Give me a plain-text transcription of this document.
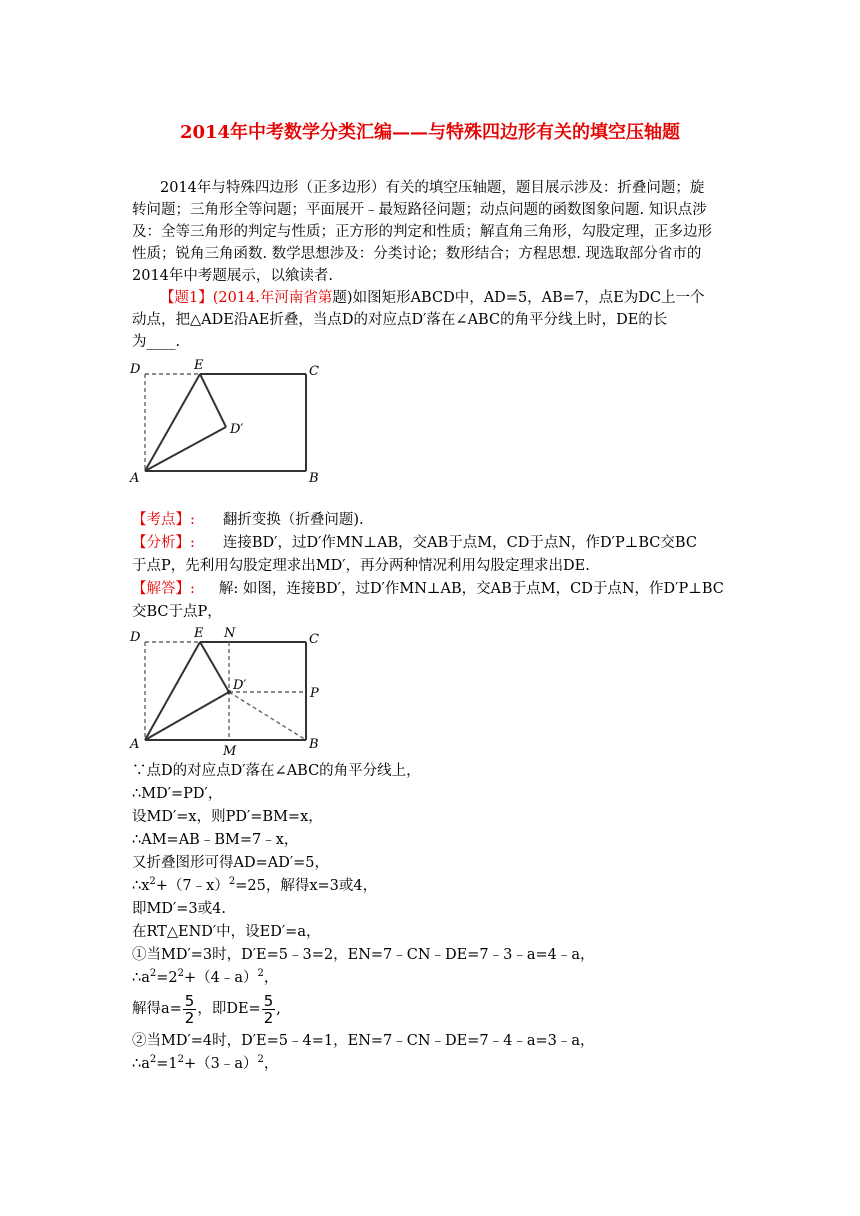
2014年中考数学分类汇编——与特殊四边形有关的填空压轴题
2014年与特殊四边形（正多边形）有关的填空压轴题，题目展示涉及：折叠问题；旋
转问题；三角形全等问题；平面展开﹣最短路径问题；动点问题的函数图象问题. 知识点涉
及：全等三角形的判定与性质；正方形的判定和性质；解直角三角形，勾股定理，正多边形
性质；锐角三角函数. 数学思想涉及：分类讨论；数形结合；方程思想. 现选取部分省市的
2014年中考题展示，以飨读者.
【题1】(2014.年河南省第题)如图矩形ABCD中，AD=5，AB=7，点E为DC上一个
动点，把△ADE沿AE折叠，当点D的对应点D′落在∠ABC的角平分线上时，DE的长
为____.
D	E	C
A	B
D′
【考点】: 翻折变换（折叠问题).
【分析】: 连接BD′，过D′作MN⊥AB，交AB于点M，CD于点N，作D′P⊥BC交BC
于点P，先利用勾股定理求出MD′，再分两种情况利用勾股定理求出DE.
【解答】: 解: 如图，连接BD′，过D′作MN⊥AB，交AB于点M，CD于点N，作D′P⊥BC
交BC于点P，
D	E N	C
D′
P
A	B
M
∵点D的对应点D′落在∠ABC的角平分线上，
∴MD′=PD′，
设MD′=x，则PD′=BM=x，
∴AM=AB﹣BM=7﹣x，
又折叠图形可得AD=AD′=5，
$\therefore x^2+(7﹣x)^2=25$，解得x=3或4，
即MD′=3或4.
在RT△END′中，设ED′=a，
①当MD′=3时，D′E=5﹣3=2，EN=7﹣CN﹣DE=7﹣3﹣a=4﹣a，
$\therefore a^2=2^2+(4﹣a)^2$，
解得$a= \frac{5}{2}$ ，即$DE= \frac{5}{2}$ ,
②当MD′=4时，D′E=5﹣4=1，EN=7﹣CN﹣DE=7﹣4﹣a=3﹣a，
$\therefore a^2=1^2+(3﹣a)^2$，
